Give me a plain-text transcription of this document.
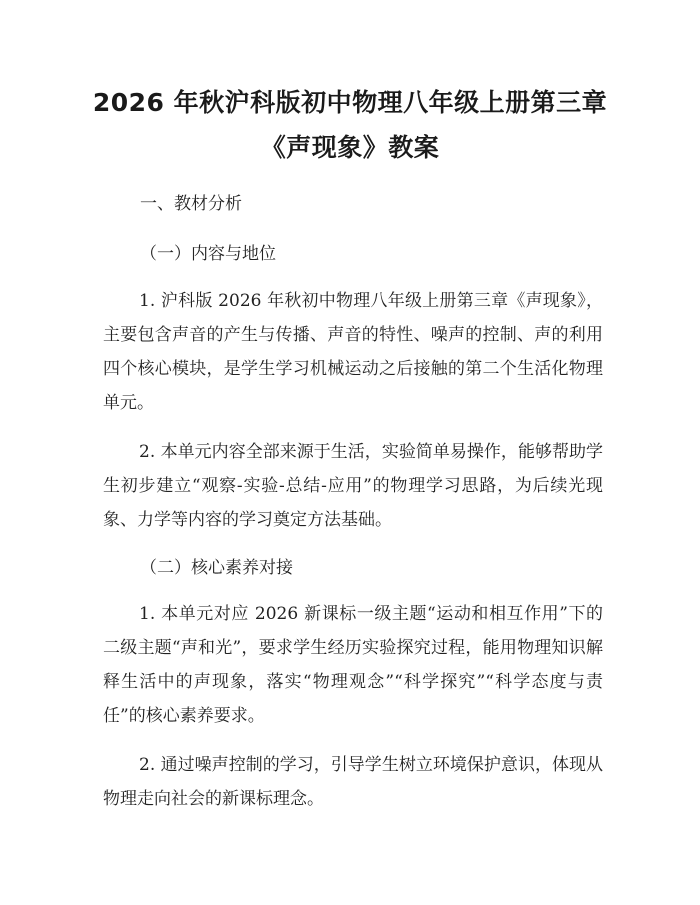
2026 年秋沪科版初中物理八年级上册第三章
《声现象》教案

一、教材分析

（一）内容与地位

1. 沪科版 2026 年秋初中物理八年级上册第三章《声现象》，主要包含声音的产生与传播、声音的特性、噪声的控制、声的利用四个核心模块，是学生学习机械运动之后接触的第二个生活化物理单元。

2. 本单元内容全部来源于生活，实验简单易操作，能够帮助学生初步建立“观察-实验-总结-应用”的物理学习思路，为后续光现象、力学等内容的学习奠定方法基础。

（二）核心素养对接

1. 本单元对应 2026 新课标一级主题“运动和相互作用”下的二级主题“声和光”，要求学生经历实验探究过程，能用物理知识解释生活中的声现象，落实“物理观念”“科学探究”“科学态度与责任”的核心素养要求。

2. 通过噪声控制的学习，引导学生树立环境保护意识，体现从物理走向社会的新课标理念。
